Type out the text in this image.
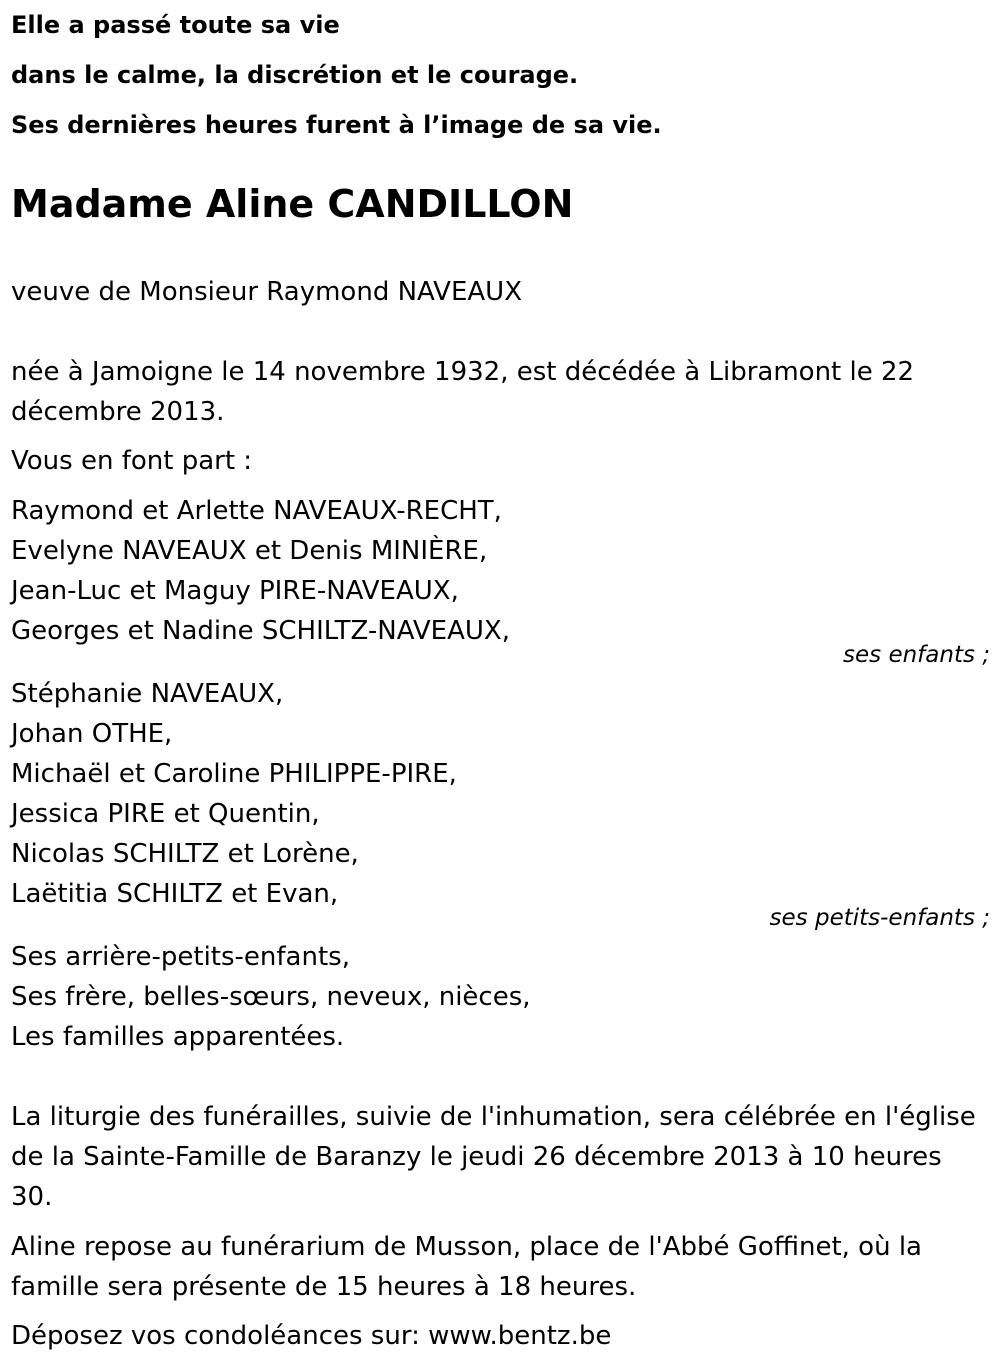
Elle a passé toute sa vie

dans le calme, la discrétion et le courage.

Ses dernières heures furent à l’image de sa vie.

Madame Aline CANDILLON

veuve de Monsieur Raymond NAVEAUX

née à Jamoigne le 14 novembre 1932, est décédée à Libramont le 22
décembre 2013.

Vous en font part :

Raymond et Arlette NAVEAUX-RECHT,
Evelyne NAVEAUX et Denis MINIÈRE,
Jean-Luc et Maguy PIRE-NAVEAUX,
Georges et Nadine SCHILTZ-NAVEAUX,
ses enfants ;
Stéphanie NAVEAUX,
Johan OTHE,
Michaël et Caroline PHILIPPE-PIRE,
Jessica PIRE et Quentin,
Nicolas SCHILTZ et Lorène,
Laëtitia SCHILTZ et Evan,
ses petits-enfants ;
Ses arrière-petits-enfants,
Ses frère, belles-sœurs, neveux, nièces,
Les familles apparentées.
La liturgie des funérailles, suivie de l'inhumation, sera célébrée en l'église
de la Sainte-Famille de Baranzy le jeudi 26 décembre 2013 à 10 heures
30.
Aline repose au funérarium de Musson, place de l'Abbé Goffinet, où la
famille sera présente de 15 heures à 18 heures.

Déposez vos condoléances sur: www.bentz.be
